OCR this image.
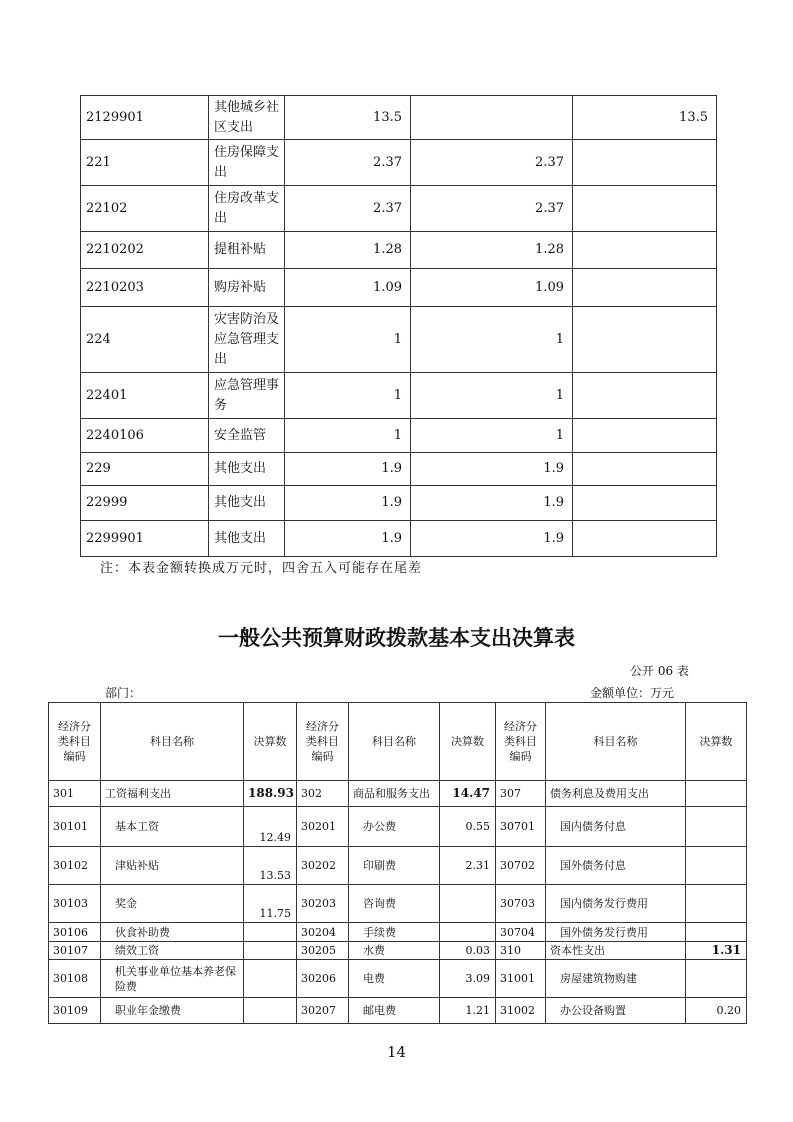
2129901	其他城乡社区支出	13.5		13.5
221	住房保障支出	2.37	2.37	
22102	住房改革支出	2.37	2.37	
2210202	提租补贴	1.28	1.28	
2210203	购房补贴	1.09	1.09	
224	灾害防治及应急管理支出	1	1	
22401	应急管理事务	1	1	
2240106	安全监管	1	1	
229	其他支出	1.9	1.9	
22999	其他支出	1.9	1.9	
2299901	其他支出	1.9	1.9	
注：本表金额转换成万元时，四舍五入可能存在尾差
一般公共预算财政拨款基本支出决算表
公开 06 表
部门：	金额单位：万元
经济分类科目编码	科目名称	决算数	经济分类科目编码	科目名称	决算数	经济分类科目编码	科目名称	决算数
301	工资福利支出	188.93	302	商品和服务支出	14.47	307	债务利息及费用支出	
30101	基本工资	12.49	30201	办公费	0.55	30701	国内债务付息	
30102	津贴补贴	13.53	30202	印刷费	2.31	30702	国外债务付息	
30103	奖金	11.75	30203	咨询费		30703	国内债务发行费用	
30106	伙食补助费		30204	手续费		30704	国外债务发行费用	
30107	绩效工资		30205	水费	0.03	310	资本性支出	1.31
30108	机关事业单位基本养老保险费		30206	电费	3.09	31001	房屋建筑物购建	
30109	职业年金缴费		30207	邮电费	1.21	31002	办公设备购置	0.20
14
